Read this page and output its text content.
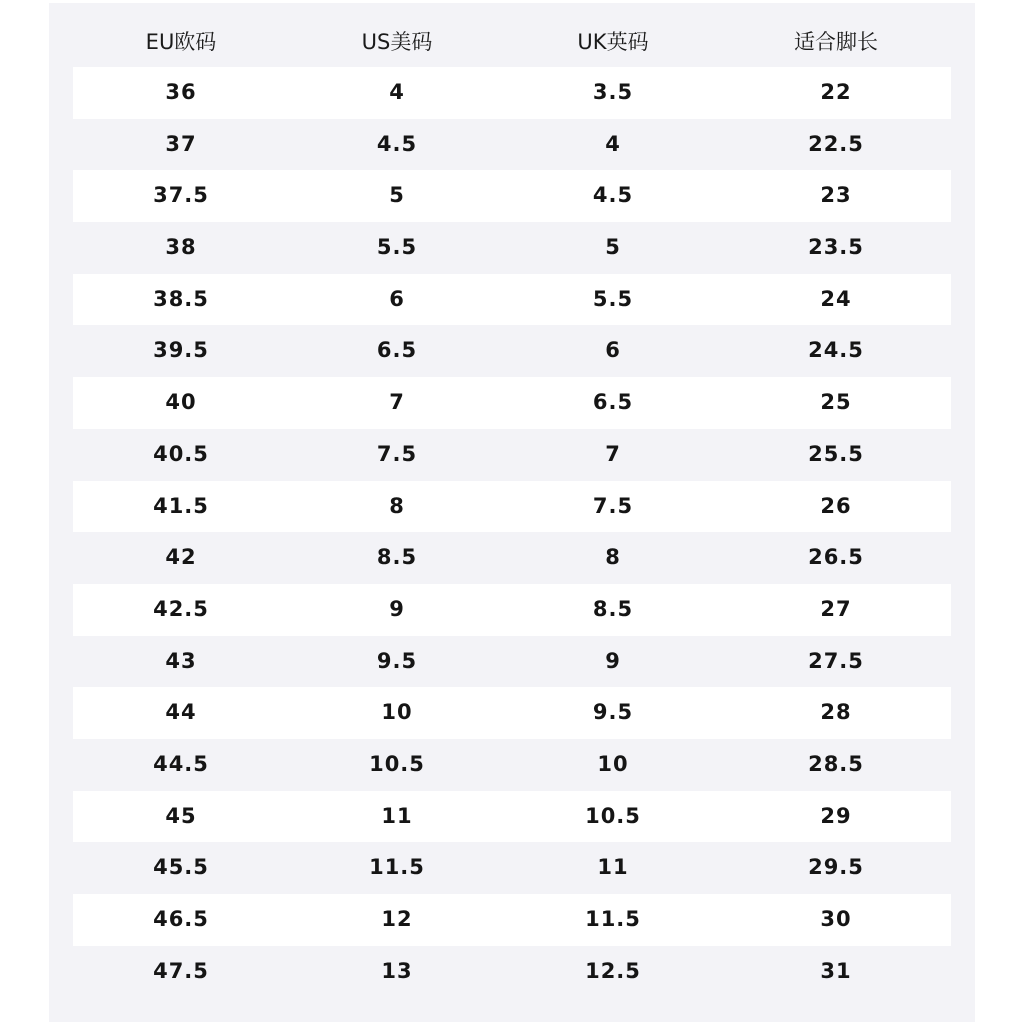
EU欧码	US美码	UK英码	适合脚长
36	4	3.5	22
37	4.5	4	22.5
37.5	5	4.5	23
38	5.5	5	23.5
38.5	6	5.5	24
39.5	6.5	6	24.5
40	7	6.5	25
40.5	7.5	7	25.5
41.5	8	7.5	26
42	8.5	8	26.5
42.5	9	8.5	27
43	9.5	9	27.5
44	10	9.5	28
44.5	10.5	10	28.5
45	11	10.5	29
45.5	11.5	11	29.5
46.5	12	11.5	30
47.5	13	12.5	31
